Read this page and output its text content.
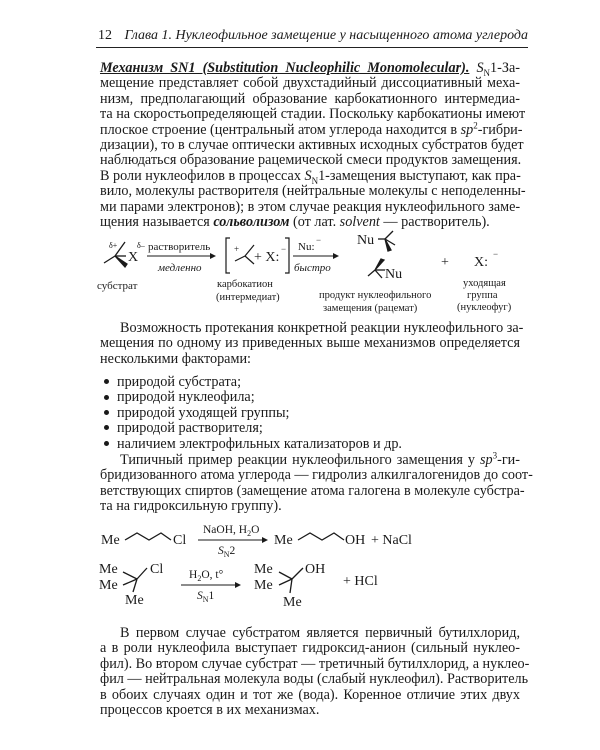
12 Глава 1. Нуклеофильное замещение у насыщенного атома углерода
Механизм SN1 (Substitution Nucleophilic Monomolecular). $S_N1-За-$
мещение представляет собой двухстадийный диссоциативный меха-
низм, предполагающий образование карбокатионного интермедиа-
та на скоростьопределяющей стадии. Поскольку карбокатионы имеют
плоское строение (центральный атом углерода находится в $sp^2-гибри-$
дизации), то в случае оптически активных исходных субстратов будет
наблюдаться образование рацемической смеси продуктов замещения.
В роли нуклеофилов в процессах $S_N1$-замещения выступают, как пра-
вило, молекулы растворителя (нейтральные молекулы с неподеленны-
ми парами электронов); в этом случае реакция нуклеофильного заме-
щения называется сольволизом (от лат. solvent — растворитель).
δ+ δ–
X
субстрат
растворитель
медленно
+
+ X:
−
карбокатион
(интермедиат)
Nu:
−
быстро
Nu
Nu
продукт нуклеофильного
замещения (рацемат)
+ X:
−
уходящая
группа
(нуклеофуг)
Возможность протекания конкретной реакции нуклеофильного за-
мещения по одному из приведенных выше механизмов определяется
несколькими факторами:
природой субстрата;
природой нуклеофила;
природой уходящей группы;
природой растворителя;
наличием электрофильных катализаторов и др.
Типичный пример реакции нуклеофильного замещения у $sp^3-ги-$
бридизованного атома углерода — гидролиз алкилгалогенидов до соот-
ветствующих спиртов (замещение атома галогена в молекуле субстра-
та на гидроксильную группу).
Me	Cl
NaOH, $H_2O$
$S_N2$
Me	OH + NaCl
Me
Me
Me
Cl $H_2O$, t°
$S_N1$
Me
Me
Me
OH
+ HCl
В первом случае субстратом является первичный бутилхлорид,
а в роли нуклеофила выступает гидроксид-анион (сильный нуклео-
фил). Во втором случае субстрат — третичный бутилхлорид, а нуклео-
фил — нейтральная молекула воды (слабый нуклеофил). Растворитель
в обоих случаях один и тот же (вода). Коренное отличие этих двух
процессов кроется в их механизмах.
